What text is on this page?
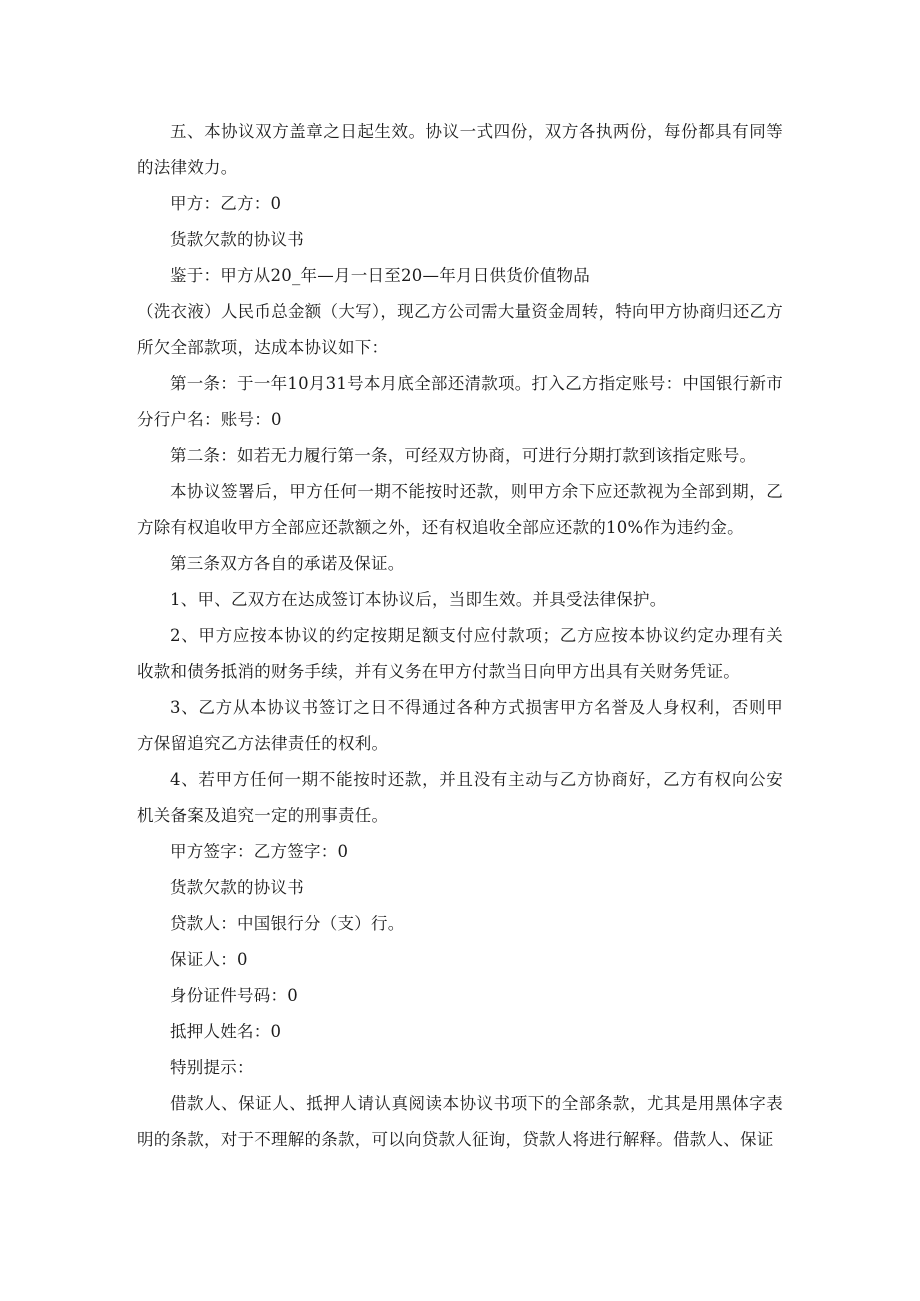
五、本协议双方盖章之日起生效。协议一式四份，双方各执两份，每份都具有同等的法律效力。

甲方：乙方：0

货款欠款的协议书

鉴于：甲方从20_年—月一日至20—年月日供货价值物品

（洗衣液）人民币总金额（大写），现乙方公司需大量资金周转，特向甲方协商归还乙方所欠全部款项，达成本协议如下：

第一条：于一年10月31号本月底全部还清款项。打入乙方指定账号：中国银行新市分行户名：账号：0

第二条：如若无力履行第一条，可经双方协商，可进行分期打款到该指定账号。

本协议签署后，甲方任何一期不能按时还款，则甲方余下应还款视为全部到期，乙方除有权追收甲方全部应还款额之外，还有权追收全部应还款的10%作为违约金。

第三条双方各自的承诺及保证。

1、甲、乙双方在达成签订本协议后，当即生效。并具受法律保护。

2、甲方应按本协议的约定按期足额支付应付款项；乙方应按本协议约定办理有关收款和债务抵消的财务手续，并有义务在甲方付款当日向甲方出具有关财务凭证。

3、乙方从本协议书签订之日不得通过各种方式损害甲方名誉及人身权利，否则甲方保留追究乙方法律责任的权利。

4、若甲方任何一期不能按时还款，并且没有主动与乙方协商好，乙方有权向公安机关备案及追究一定的刑事责任。

甲方签字：乙方签字：0

货款欠款的协议书

贷款人：中国银行分（支）行。

保证人：0

身份证件号码：0

抵押人姓名：0

特别提示：

借款人、保证人、抵押人请认真阅读本协议书项下的全部条款，尤其是用黑体字表明的条款，对于不理解的条款，可以向贷款人征询，贷款人将进行解释。借款人、保证
